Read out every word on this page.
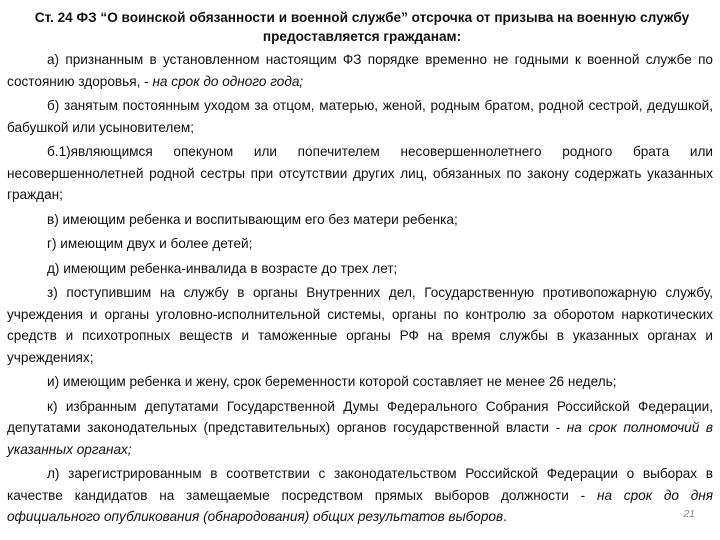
Ст. 24 ФЗ “О воинской обязанности и военной службе” отсрочка от призыва на военную службу предоставляется гражданам:
а) признанным в установленном настоящим ФЗ порядке временно не годными к военной службе по состоянию здоровья, - на срок до одного года;
б) занятым постоянным уходом за отцом, матерью, женой, родным братом, родной сестрой, дедушкой, бабушкой или усыновителем;
б.1)являющимся опекуном или попечителем несовершеннолетнего родного брата или несовершеннолетней родной сестры при отсутствии других лиц, обязанных по закону содержать указанных граждан;
в) имеющим ребенка и воспитывающим его без матери ребенка;
г) имеющим двух и более детей;
д) имеющим ребенка-инвалида в возрасте до трех лет;
з) поступившим на службу в органы Внутренних дел, Государственную противопожарную службу, учреждения и органы уголовно-исполнительной системы, органы по контролю за оборотом наркотических средств и психотропных веществ и таможенные органы РФ на время службы в указанных органах и учреждениях;
и) имеющим ребенка и жену, срок беременности которой составляет не менее 26 недель;
к) избранным депутатами Государственной Думы Федерального Собрания Российской Федерации, депутатами законодательных (представительных) органов государственной власти - на срок полномочий в указанных органах;
л) зарегистрированным в соответствии с законодательством Российской Федерации о выборах в качестве кандидатов на замещаемые посредством прямых выборов должности - на срок до дня официального опубликования (обнародования) общих результатов выборов.	21
